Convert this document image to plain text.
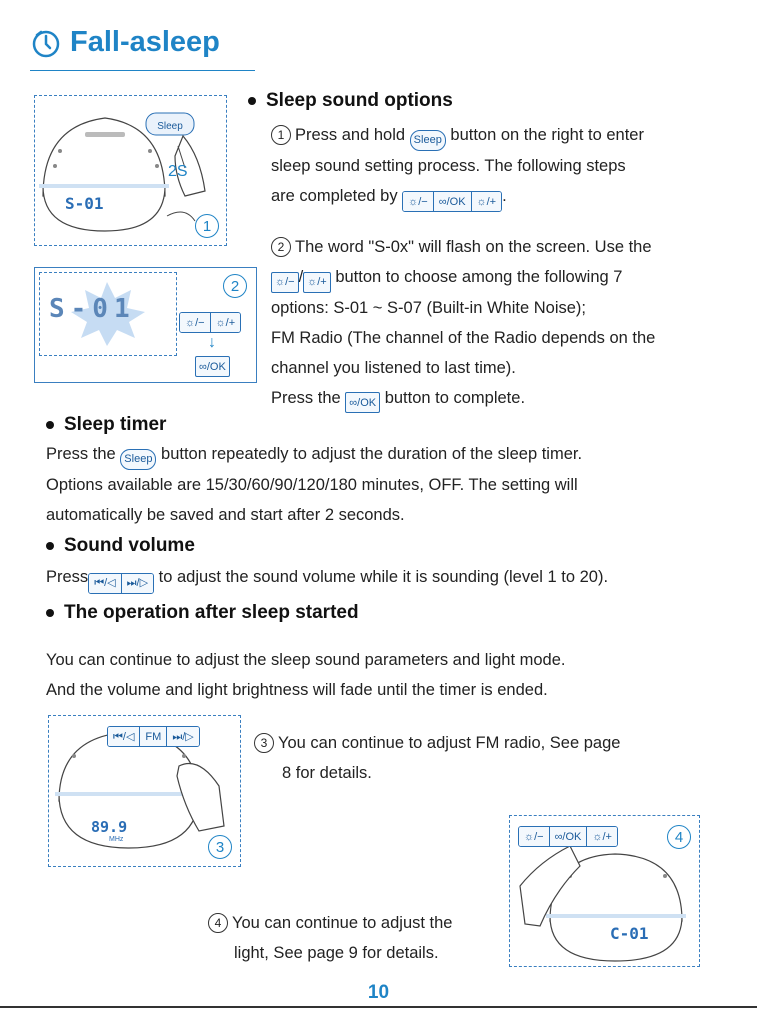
Fall-asleep
Sleep
S-01
2S
1
S-01
2
☼/−	☼/+
↓
∞/OK
Sleep sound options
1 Press and hold Sleep button on the right to enter
sleep sound setting process. The following steps
are completed by ☼/−	∞/OK	☼/+ .
2 The word "S-0x" will flash on the screen. Use the
☼/− / ☼/+ button to choose among the following 7
options: S-01 ~ S-07 (Built-in White Noise);
FM Radio (The channel of the Radio depends on the
channel you listened to last time).
Press the ∞/OK button to complete.
Sleep timer
Press the Sleep button repeatedly to adjust the duration of the sleep timer.
Options available are 15/30/60/90/120/180 minutes, OFF. The setting will
automatically be saved and start after 2 seconds.
Sound volume
Press ⏮/◁	⏭/▷ to adjust the sound volume while it is sounding (level 1 to 20).
The operation after sleep started
You can continue to adjust the sleep sound parameters and light mode.
And the volume and light brightness will fade until the timer is ended.
⏮/◁	FM	⏭/▷
89.9
MHz	3
3 You can continue to adjust FM radio, See page
8 for details.
☼/−	∞/OK	☼/+	4
C-01
4 You can continue to adjust the
light, See page 9 for details.
10
